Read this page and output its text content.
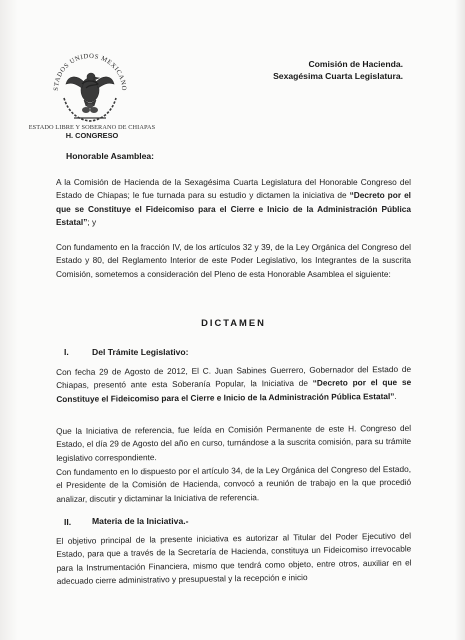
STADOS UNIDOS MEXICANO
ESTADO LIBRE Y SOBERANO DE CHIAPAS
H. CONGRESO
Comisión de Hacienda.
Sexagésima Cuarta Legislatura.
Honorable Asamblea:
A la Comisión de Hacienda de la Sexagésima Cuarta Legislatura del Honorable Congreso del Estado de Chiapas; le fue turnada para su estudio y dictamen la iniciativa de “Decreto por el que se Constituye el Fideicomiso para el Cierre e Inicio de la Administración Pública Estatal”; y
Con fundamento en la fracción IV, de los artículos 32 y 39, de la Ley Orgánica del Congreso del Estado y 80, del Reglamento Interior de este Poder Legislativo, los Integrantes de la suscrita Comisión, sometemos a consideración del Pleno de esta Honorable Asamblea el siguiente:
DICTAMEN
I.	Del Trámite Legislativo:
Con fecha 29 de Agosto de 2012, El C. Juan Sabines Guerrero, Gobernador del Estado de Chiapas, presentó ante esta Soberanía Popular, la Iniciativa de “Decreto por el que se Constituye el Fideicomiso para el Cierre e Inicio de la Administración Pública Estatal”.
Que la Iniciativa de referencia, fue leída en Comisión Permanente de este H. Congreso del Estado, el día 29 de Agosto del año en curso, turnándose a la suscrita comisión, para su trámite legislativo correspondiente.
Con fundamento en lo dispuesto por el artículo 34, de la Ley Orgánica del Congreso del Estado, el Presidente de la Comisión de Hacienda, convocó a reunión de trabajo en la que procedió analizar, discutir y dictaminar la Iniciativa de referencia.
II. Materia de la Iniciativa.-
El objetivo principal de la presente iniciativa es autorizar al Titular del Poder Ejecutivo del Estado, para que a través de la Secretaría de Hacienda, constituya un Fideicomiso irrevocable para la Instrumentación Financiera, mismo que tendrá como objeto, entre otros, auxiliar en el adecuado cierre administrativo y presupuestal y la recepción e inicio
